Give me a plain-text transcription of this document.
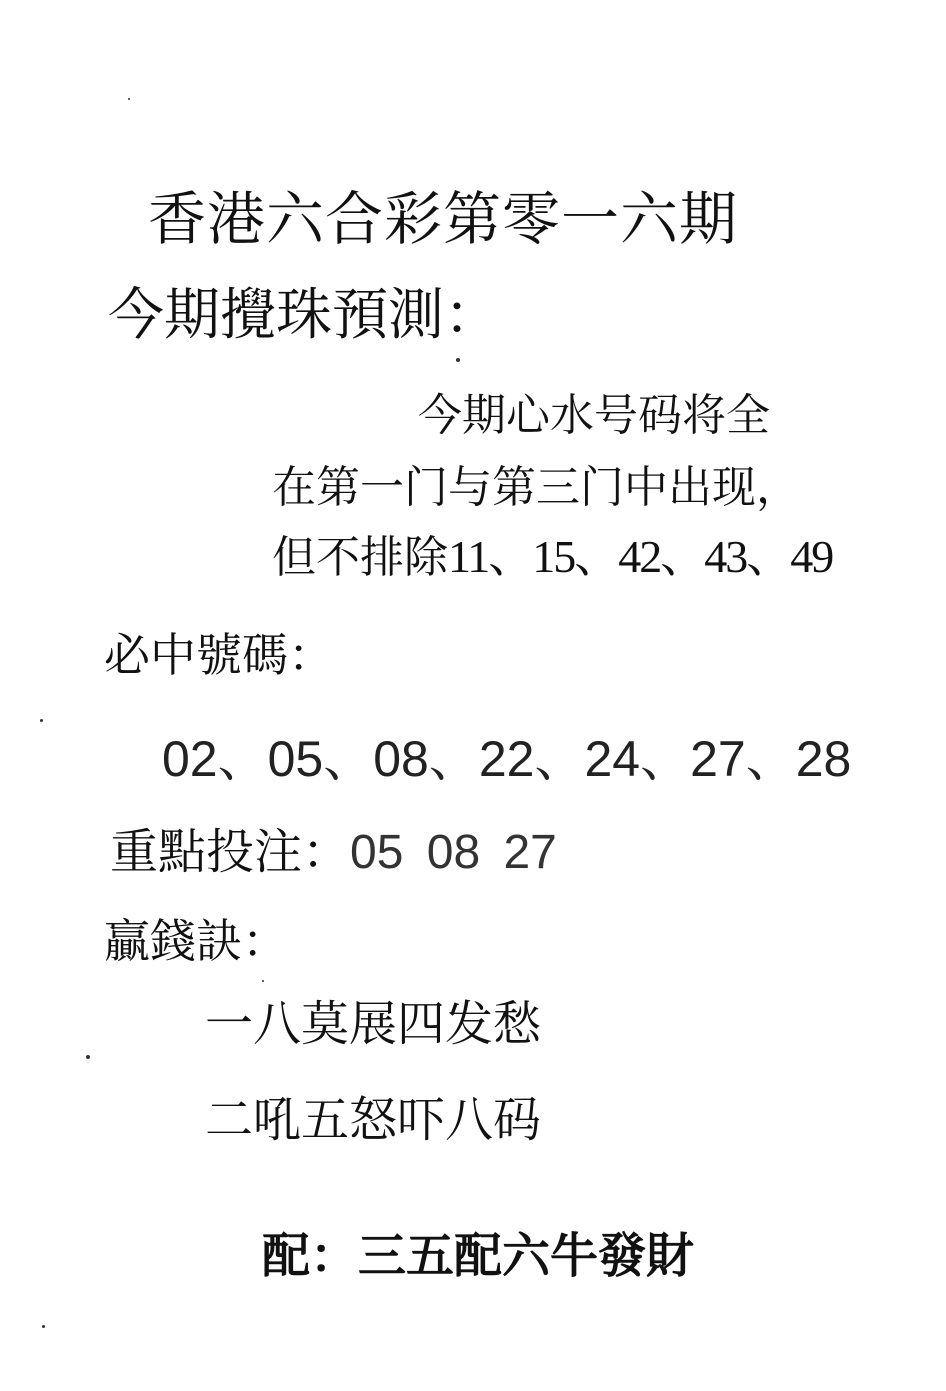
香港六合彩第零一六期
今期攪珠預測：
今期心水号码将全
在第一门与第三门中出现，
但不排除11、15、42、43、49
必中號碼：
02、05、08、22、24、27、28
重點投注：05 08 27
贏錢訣：
一八莫展四发愁
二吼五怒吓八码
配：三五配六牛發財
